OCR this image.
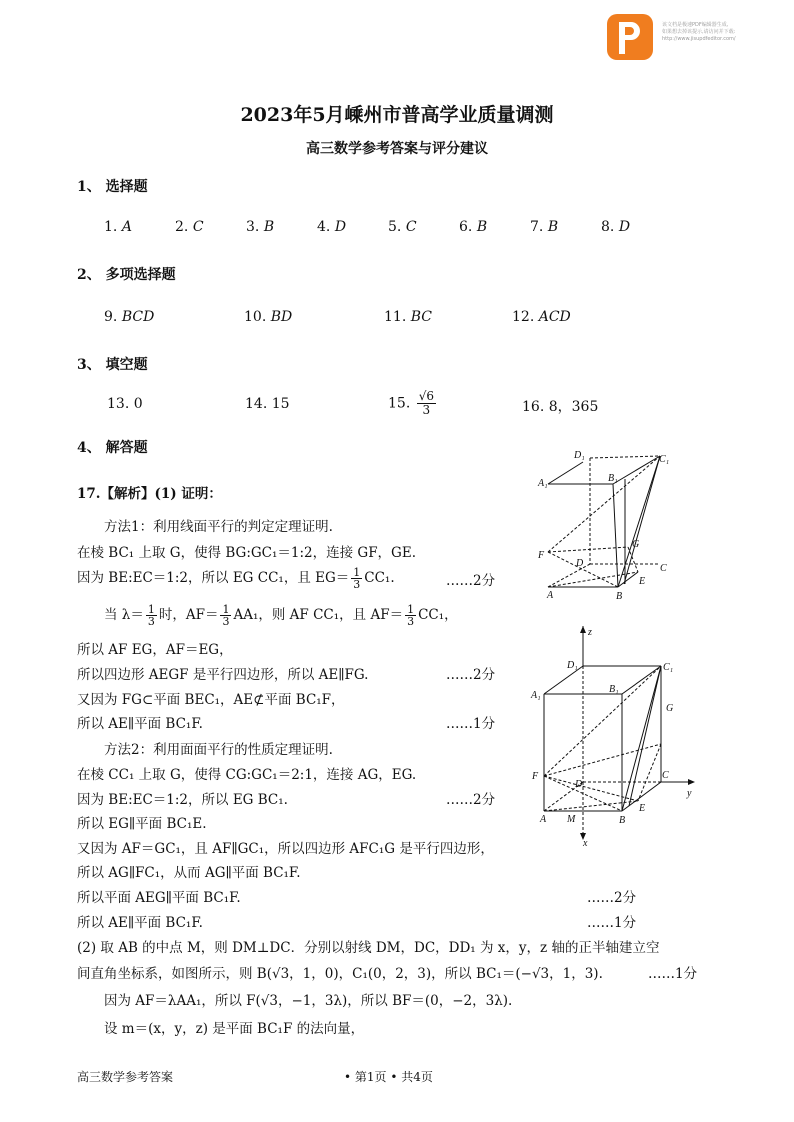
该文档是极速PDF编辑器生成,
如果想去掉该提示,请访问并下载:
http://www.jisupdfeditor.com/
2023年5月嵊州市普高学业质量调测
高三数学参考答案与评分建议
1、 选择题
1. A	2. C	3. B	4. D	5. C	6. B	7. B	8. D
2、 多项选择题
9. BCD	10. BD	11. BC	12. ACD
3、 填空题
13. 0	14. 15	15. $\frac{√6}{3}$	16. 8，365
4、 解答题
17.【解析】(1) 证明：
方法1：利用线面平行的判定定理证明.
在棱 BC₁ 上取 G，使得 BG:GC₁＝1:2，连接 GF，GE.
因为 BE:EC＝1:2，所以 EG CC₁，且 $EG= \frac{1}{3} CC_1$.	……2分
当 $\lambda= \frac{1}{3}$ 时，$AF= \frac{1}{3} AA_1$，则 AF CC₁，且 $AF= \frac{1}{3} CC_1$，
所以 AF EG，AF＝EG，
所以四边形 AEGF 是平行四边形，所以 AE∥FG.	……2分
又因为 FG⊂平面 BEC₁，AE⊄平面 BC₁F，
所以 AE∥平面 BC₁F.	……1分
方法2：利用面面平行的性质定理证明.
在棱 CC₁ 上取 G，使得 CG:GC₁＝2:1，连接 AG，EG.
因为 BE:EC＝1:2，所以 EG BC₁.	……2分
所以 EG∥平面 BC₁E.
又因为 AF＝GC₁，且 AF∥GC₁，所以四边形 AFC₁G 是平行四边形，
所以 AG∥FC₁，从而 AG∥平面 BC₁F.
所以平面 AEG∥平面 BC₁F.	……2分
所以 AE∥平面 BC₁F.	……1分
(2) 取 AB 的中点 M，则 DM⊥DC．分别以射线 DM，DC，DD₁ 为 x，y，z 轴的正半轴建立空
间直角坐标系，如图所示，则 B(√3，1，0)，C₁(0，2，3)，所以 BC₁＝(−√3，1，3).	……1分
因为 AF＝λAA₁，所以 F(√3，−1，3λ)，所以 BF＝(0，−2，3λ).
设 m＝(x，y，z) 是平面 BC₁F 的法向量，
D₁	C₁
A₁	B₁
G
F
D	C
A	B
E
z
D₁	C₁
A₁
B₁
G
F
D
C
y
A M	B
E
x
高三数学参考答案	• 第1页 • 共4页
